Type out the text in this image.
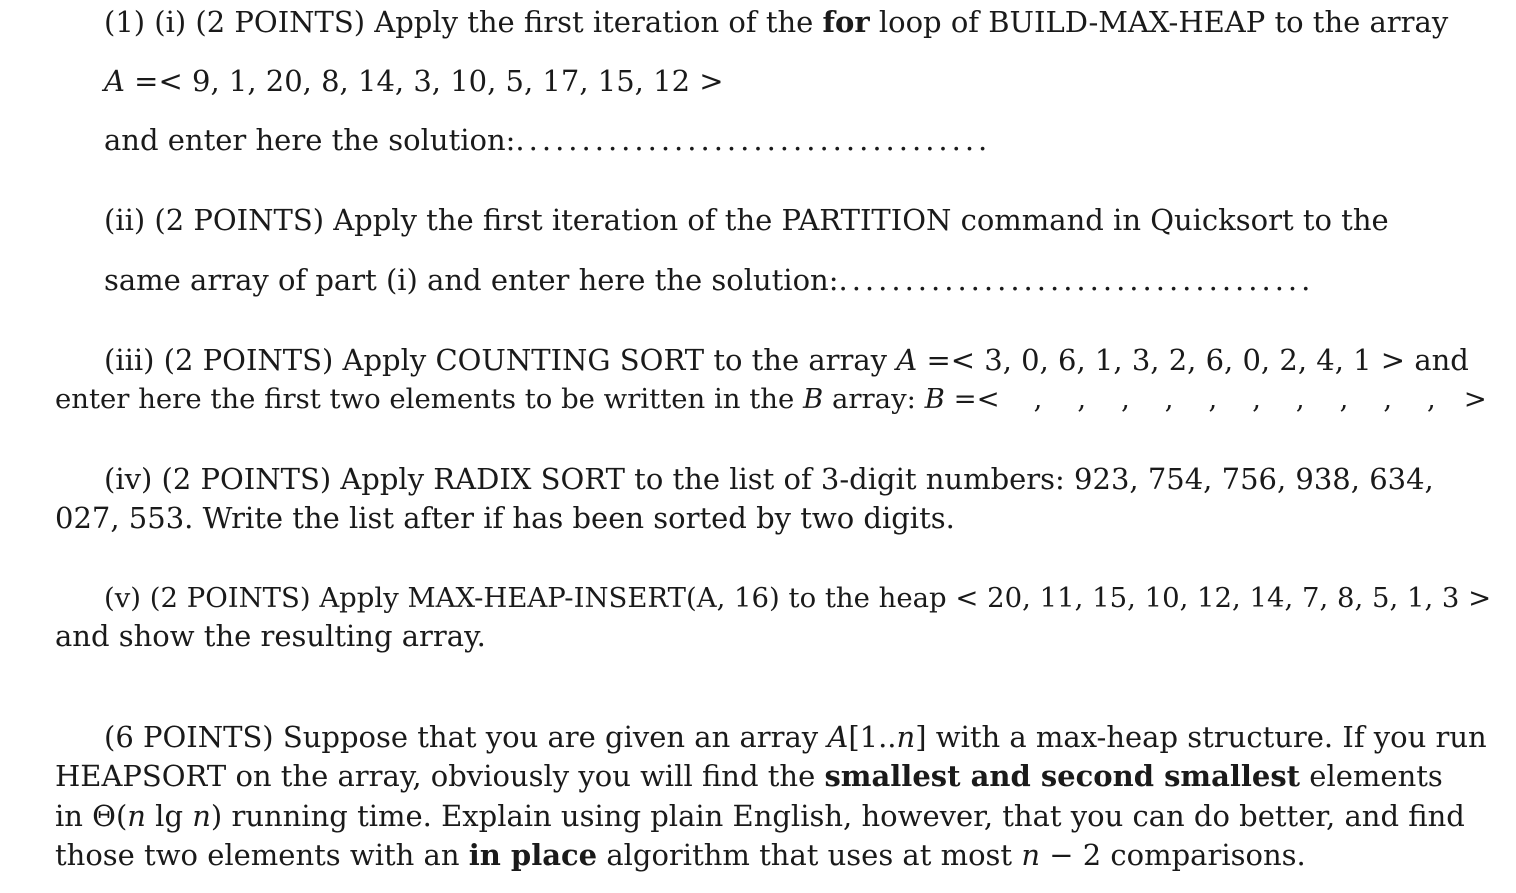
(1) (i) (2 POINTS) Apply the first iteration of the for loop of BUILD-MAX-HEAP to the array
A =< 9, 1, 20, 8, 14, 3, 10, 5, 17, 15, 12 >
and enter here the solution:....................................
(ii) (2 POINTS) Apply the first iteration of the PARTITION command in Quicksort to the
same array of part (i) and enter here the solution:....................................
(iii) (2 POINTS) Apply COUNTING SORT to the array A =< 3, 0, 6, 1, 3, 2, 6, 0, 2, 4, 1 > and
enter here the first two elements to be written in the B array: B =< ,    ,    ,    ,    ,    ,    ,    ,    ,    , >
(iv) (2 POINTS) Apply RADIX SORT to the list of 3-digit numbers: 923, 754, 756, 938, 634,
027, 553. Write the list after if has been sorted by two digits.
(v) (2 POINTS) Apply MAX-HEAP-INSERT(A, 16) to the heap < 20, 11, 15, 10, 12, 14, 7, 8, 5, 1, 3 >
and show the resulting array.
(6 POINTS) Suppose that you are given an array A[1..n] with a max-heap structure. If you run
HEAPSORT on the array, obviously you will find the smallest and second smallest elements
in Θ(n lg n) running time. Explain using plain English, however, that you can do better, and find
those two elements with an in place algorithm that uses at most n − 2 comparisons.
